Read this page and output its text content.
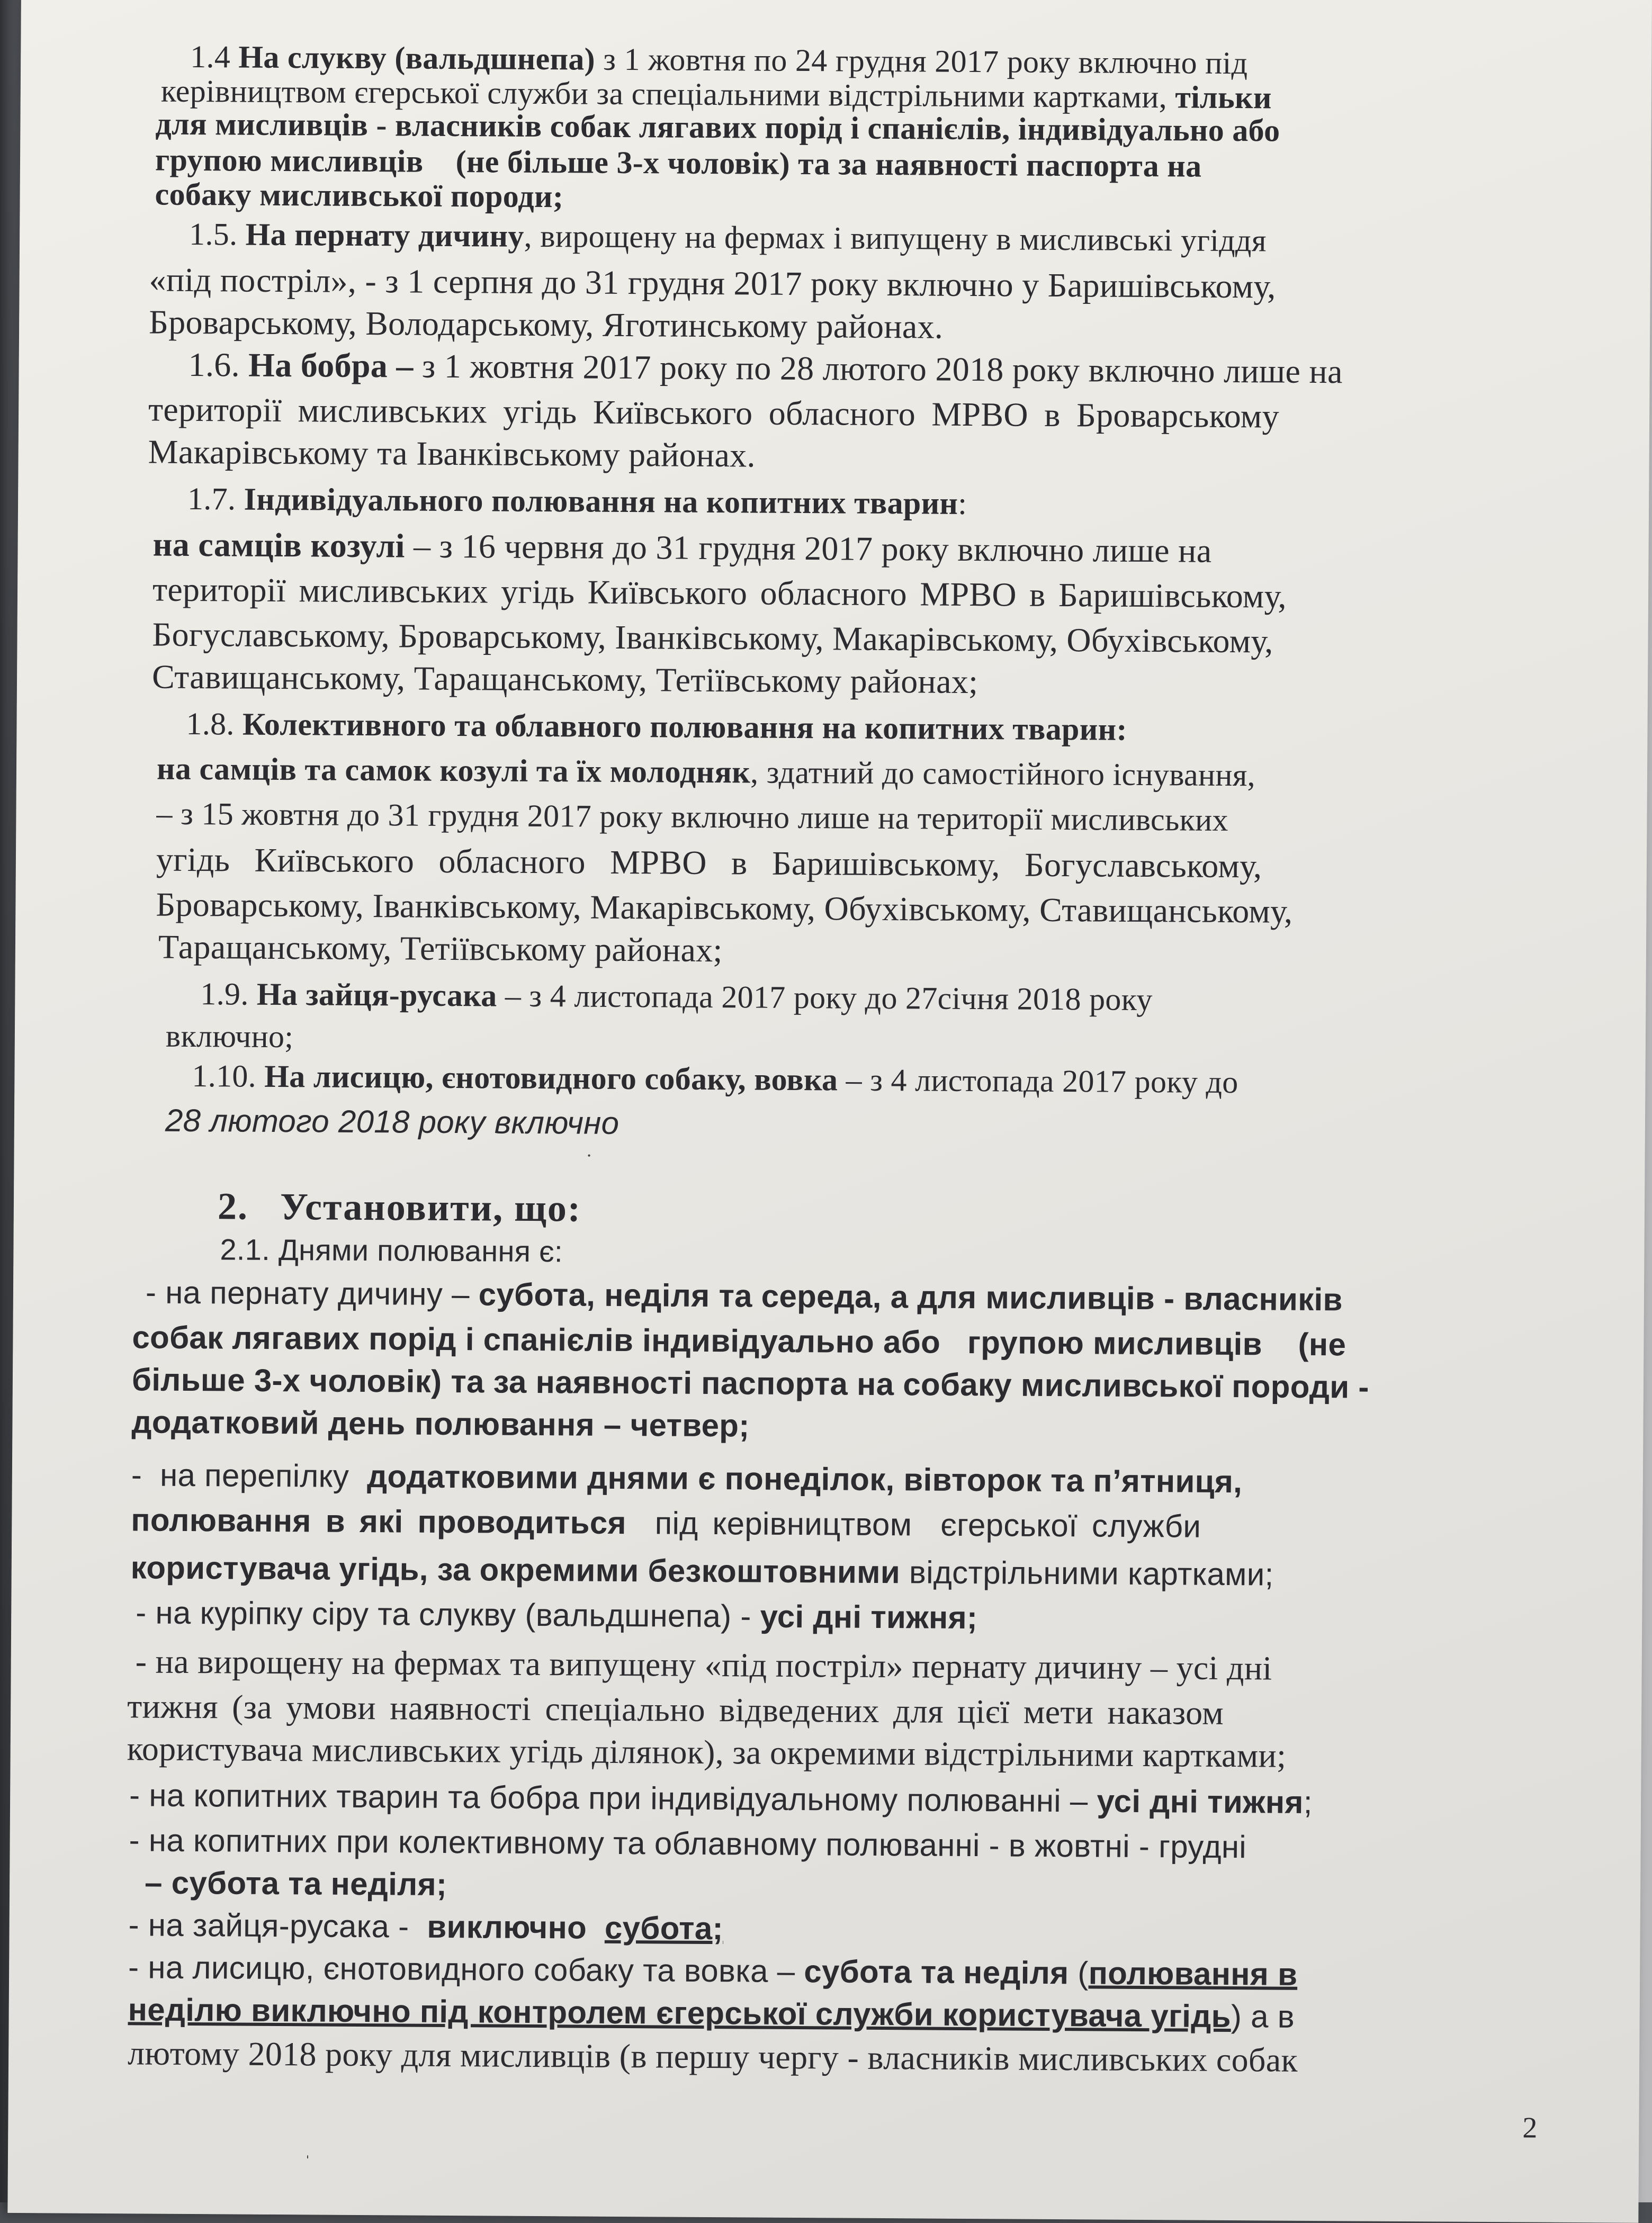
1.4 На слукву (вальдшнепа) з 1 жовтня по 24 грудня 2017 року включно під
керівництвом єгерської служби за спеціальними відстрільними картками, тільки
для мисливців - власників собак лягавих порід і спанієлів, індивідуально або
групою мисливців    (не більше 3-х чоловік) та за наявності паспорта на
собаку мисливської породи;
1.5. На пернату дичину, вирощену на фермах і випущену в мисливські угіддя
«під постріл», - з 1 серпня до 31 грудня 2017 року включно у Баришівському,
Броварському, Володарському, Яготинському районах.
1.6. На бобра – з 1 жовтня 2017 року по 28 лютого 2018 року включно лише на
території мисливських угідь Київського обласного МРВО в Броварському
Макарівському та Іванківському районах.
1.7. Індивідуального полювання на копитних тварин:
на самців козулі – з 16 червня до 31 грудня 2017 року включно лише на
території мисливських угідь Київського обласного МРВО в Баришівському,
Богуславському, Броварському, Іванківському, Макарівському, Обухівському,
Ставищанському, Таращанському, Тетіївському районах;
1.8. Колективного та облавного полювання на копитних тварин:
на самців та самок козулі та їх молодняк, здатний до самостійного існування,
– з 15 жовтня до 31 грудня 2017 року включно лише на території мисливських
угідь Київського обласного МРВО в Баришівському, Богуславському,
Броварському, Іванківському, Макарівському, Обухівському, Ставищанському,
Таращанському, Тетіївському районах;
1.9. На зайця-русака – з 4 листопада 2017 року до 27січня 2018 року
включно;
1.10. На лисицю, єнотовидного собаку, вовка – з 4 листопада 2017 року до
28 лютого 2018 року включно
·
2.   Установити, що:
2.1. Днями полювання є:
- на пернату дичину – субота, неділя та середа, а для мисливців - власників
собак лягавих порід і спанієлів індивідуально або   групою мисливців    (не
більше 3-х чоловік) та за наявності паспорта на собаку мисливської породи -
додатковий день полювання – четвер;
-  на перепілку  додатковими днями є понеділок, вівторок та п’ятниця,
полювання в які проводиться  під керівництвом  єгерської служби
користувача угідь, за окремими безкоштовними відстрільними картками;
- на курiпку сiру та слукву (вальдшнепа) - усі дні тижня;
- на вирощену на фермах та випущену «під постріл» пернату дичину – усі дні
тижня (за умови наявності спеціально відведених для цієї мети наказом
користувача мисливських угідь ділянок), за окремими відстрільними картками;
- на копитних тварин та бобра при індивідуальному полюванні – усі дні тижня;
- на копитних при колективному та облавному полюванні - в жовтні - грудні
– субота та неділя;
- на зайця-русака -  виключно  субота;
- на лисицю, єнотовидного собаку та вовка – субота та неділя (полювання в
неділю виключно під контролем єгерської служби користувача угідь) а в
лютому 2018 року для мисливців (в першу чергу - власників мисливських собак
2
ˈ
